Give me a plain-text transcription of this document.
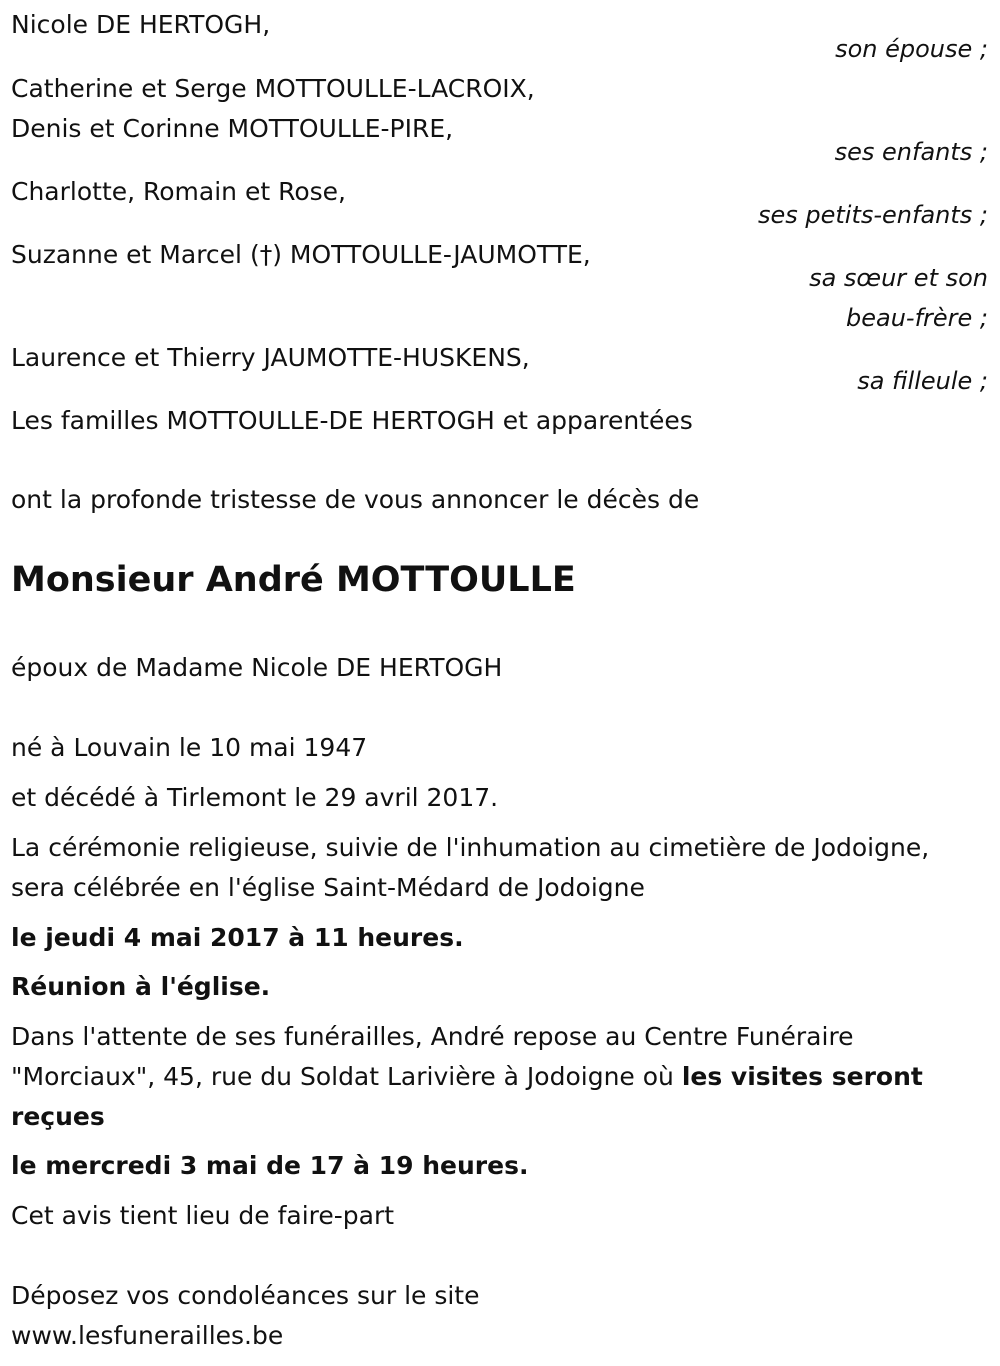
Nicole DE HERTOGH,
son épouse ;
Catherine et Serge MOTTOULLE-LACROIX,
Denis et Corinne MOTTOULLE-PIRE,
ses enfants ;
Charlotte, Romain et Rose,
ses petits-enfants ;
Suzanne et Marcel (†) MOTTOULLE-JAUMOTTE,
sa sœur et son
beau-frère ;
Laurence et Thierry JAUMOTTE-HUSKENS,
sa filleule ;
Les familles MOTTOULLE-DE HERTOGH et apparentées
ont la profonde tristesse de vous annoncer le décès de
Monsieur André MOTTOULLE
époux de Madame Nicole DE HERTOGH
né à Louvain le 10 mai 1947
et décédé à Tirlemont le 29 avril 2017.
La cérémonie religieuse, suivie de l'inhumation au cimetière de Jodoigne,
sera célébrée en l'église Saint-Médard de Jodoigne
le jeudi 4 mai 2017 à 11 heures.
Réunion à l'église.
Dans l'attente de ses funérailles, André repose au Centre Funéraire
"Morciaux", 45, rue du Soldat Larivière à Jodoigne où les visites seront
reçues
le mercredi 3 mai de 17 à 19 heures.
Cet avis tient lieu de faire-part
Déposez vos condoléances sur le site
www.lesfunerailles.be
